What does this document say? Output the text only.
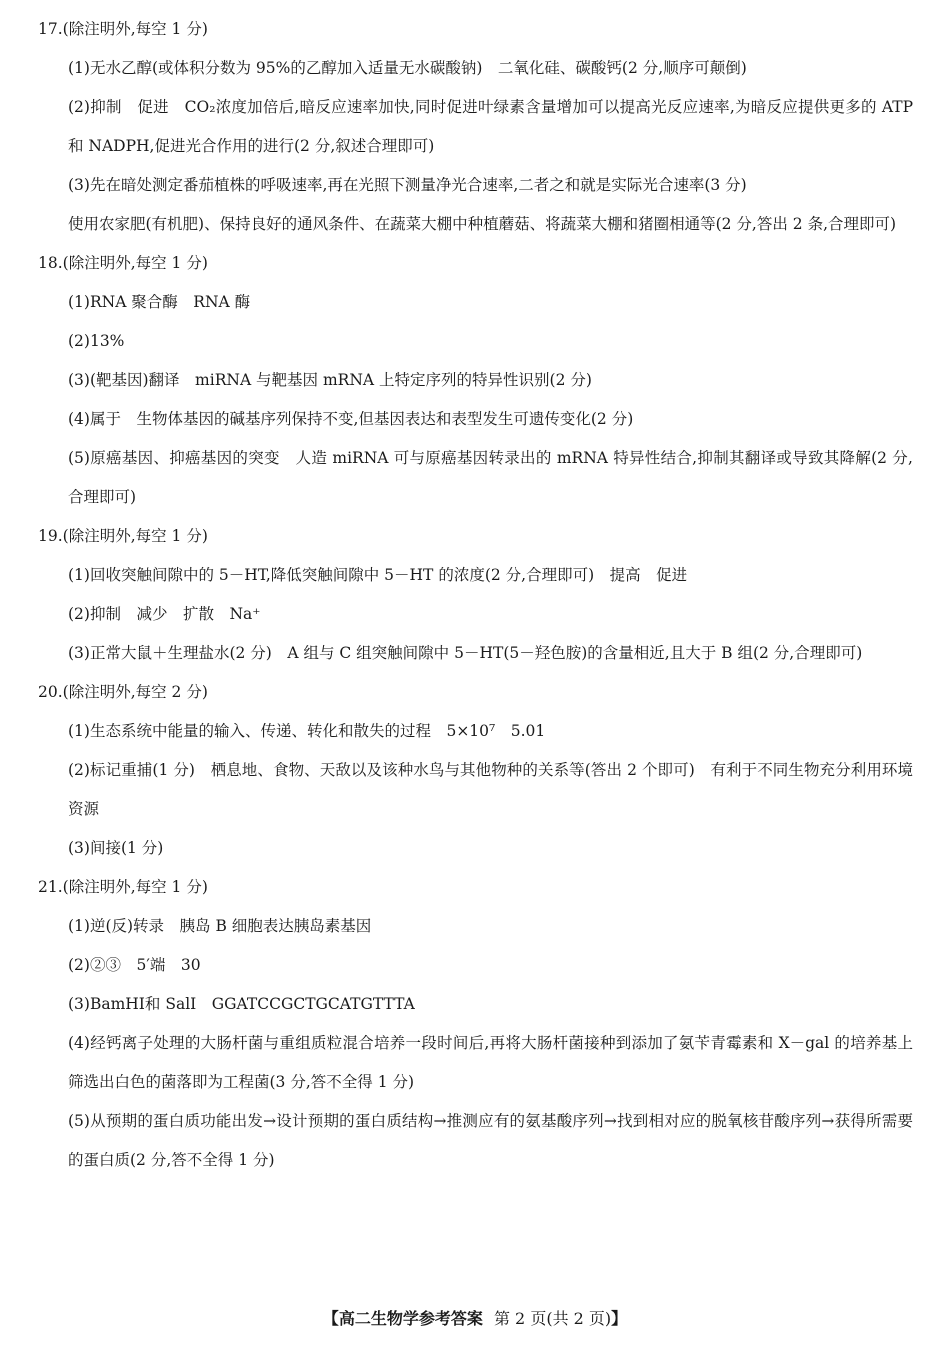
17.(除注明外,每空 1 分)
(1)无水乙醇(或体积分数为 95%的乙醇加入适量无水碳酸钠)　二氧化硅、碳酸钙(2 分,顺序可颠倒)
(2)抑制　促进　CO₂浓度加倍后,暗反应速率加快,同时促进叶绿素含量增加可以提高光反应速率,为暗反应提供更多的 ATP 和 NADPH,促进光合作用的进行(2 分,叙述合理即可)
(3)先在暗处测定番茄植株的呼吸速率,再在光照下测量净光合速率,二者之和就是实际光合速率(3 分)
使用农家肥(有机肥)、保持良好的通风条件、在蔬菜大棚中种植蘑菇、将蔬菜大棚和猪圈相通等(2 分,答出 2 条,合理即可)
18.(除注明外,每空 1 分)
(1)RNA 聚合酶　RNA 酶
(2)13%
(3)(靶基因)翻译　miRNA 与靶基因 mRNA 上特定序列的特异性识别(2 分)
(4)属于　生物体基因的碱基序列保持不变,但基因表达和表型发生可遗传变化(2 分)
(5)原癌基因、抑癌基因的突变　人造 miRNA 可与原癌基因转录出的 mRNA 特异性结合,抑制其翻译或导致其降解(2 分,合理即可)
19.(除注明外,每空 1 分)
(1)回收突触间隙中的 5－HT,降低突触间隙中 5－HT 的浓度(2 分,合理即可)　提高　促进
(2)抑制　减少　扩散　Na⁺
(3)正常大鼠＋生理盐水(2 分)　A 组与 C 组突触间隙中 5－HT(5－羟色胺)的含量相近,且大于 B 组(2 分,合理即可)
20.(除注明外,每空 2 分)
(1)生态系统中能量的输入、传递、转化和散失的过程　5×10⁷　5.01
(2)标记重捕(1 分)　栖息地、食物、天敌以及该种水鸟与其他物种的关系等(答出 2 个即可)　有利于不同生物充分利用环境资源
(3)间接(1 分)
21.(除注明外,每空 1 分)
(1)逆(反)转录　胰岛 B 细胞表达胰岛素基因
(2)②③　5′端　30
(3)BamHⅠ和 SalⅠ　GGATCCGCTGCATGTTTA
(4)经钙离子处理的大肠杆菌与重组质粒混合培养一段时间后,再将大肠杆菌接种到添加了氨苄青霉素和 X－gal 的培养基上筛选出白色的菌落即为工程菌(3 分,答不全得 1 分)
(5)从预期的蛋白质功能出发→设计预期的蛋白质结构→推测应有的氨基酸序列→找到相对应的脱氧核苷酸序列→获得所需要的蛋白质(2 分,答不全得 1 分)
【高二生物学参考答案 第 2 页(共 2 页)】
